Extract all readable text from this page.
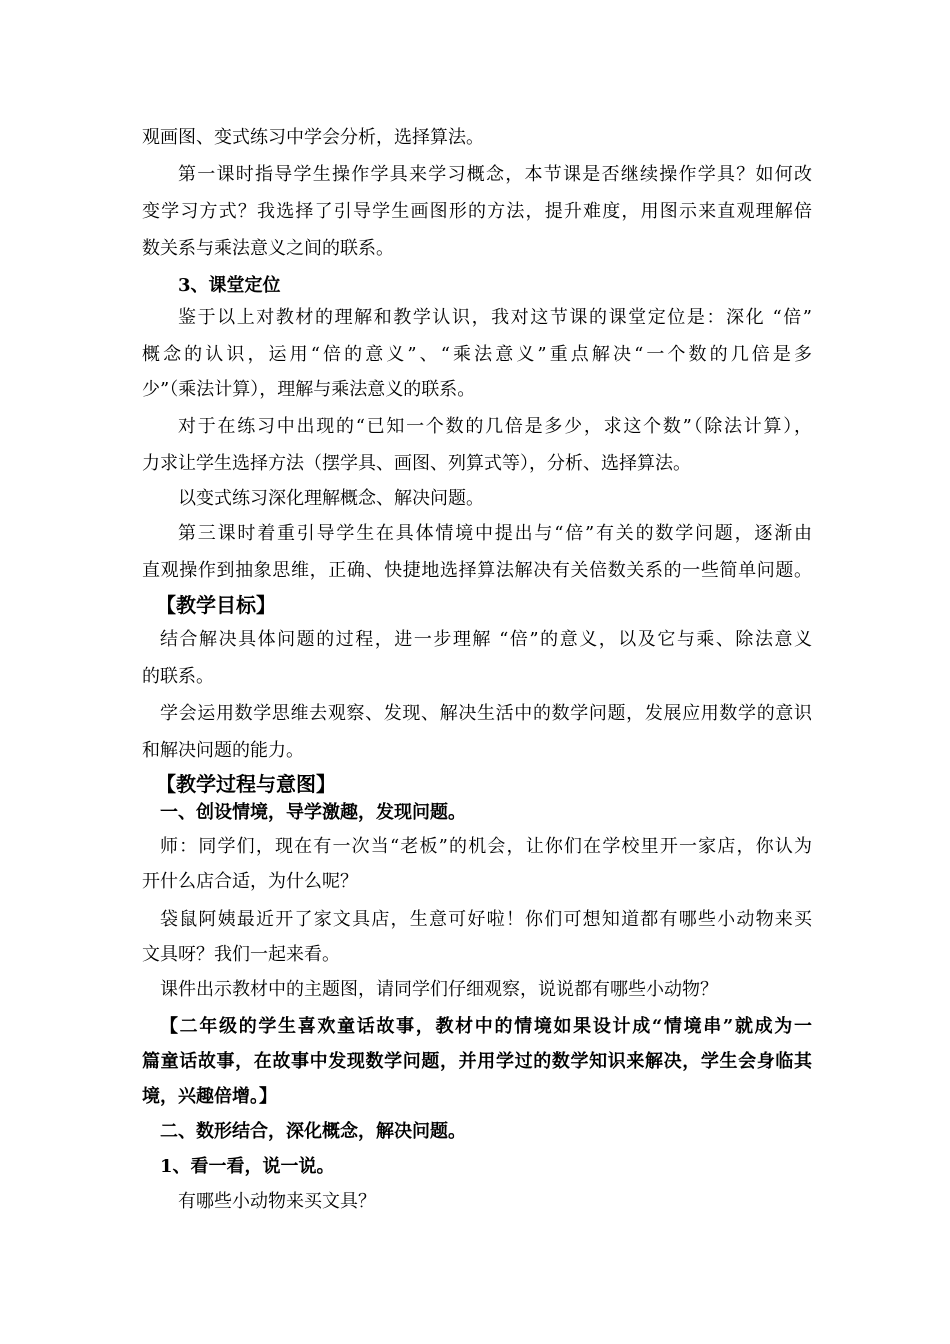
观画图、变式练习中学会分析，选择算法。
第一课时指导学生操作学具来学习概念，本节课是否继续操作学具？如何改
变学习方式？我选择了引导学生画图形的方法，提升难度，用图示来直观理解倍
数关系与乘法意义之间的联系。
3、课堂定位
鉴于以上对教材的理解和教学认识，我对这节课的课堂定位是：深化 “倍”
概念的认识，运用“倍的意义”、“乘法意义”重点解决“一个数的几倍是多
少”（乘法计算），理解与乘法意义的联系。
对于在练习中出现的“已知一个数的几倍是多少，求这个数”（除法计算），
力求让学生选择方法（摆学具、画图、列算式等），分析、选择算法。
以变式练习深化理解概念、解决问题。
第三课时着重引导学生在具体情境中提出与“倍”有关的数学问题，逐渐由
直观操作到抽象思维，正确、快捷地选择算法解决有关倍数关系的一些简单问题。
【教学目标】
结合解决具体问题的过程，进一步理解 “倍”的意义，以及它与乘、除法意义
的联系。
学会运用数学思维去观察、发现、解决生活中的数学问题，发展应用数学的意识
和解决问题的能力。
【教学过程与意图】
一、创设情境，导学激趣，发现问题。
师：同学们，现在有一次当“老板”的机会，让你们在学校里开一家店，你认为
开什么店合适，为什么呢？
袋鼠阿姨最近开了家文具店，生意可好啦！你们可想知道都有哪些小动物来买
文具呀？我们一起来看。
课件出示教材中的主题图，请同学们仔细观察，说说都有哪些小动物？
【二年级的学生喜欢童话故事，教材中的情境如果设计成“情境串”就成为一
篇童话故事，在故事中发现数学问题，并用学过的数学知识来解决，学生会身临其
境，兴趣倍增。】
二、数形结合，深化概念，解决问题。
1、看一看，说一说。
有哪些小动物来买文具？
